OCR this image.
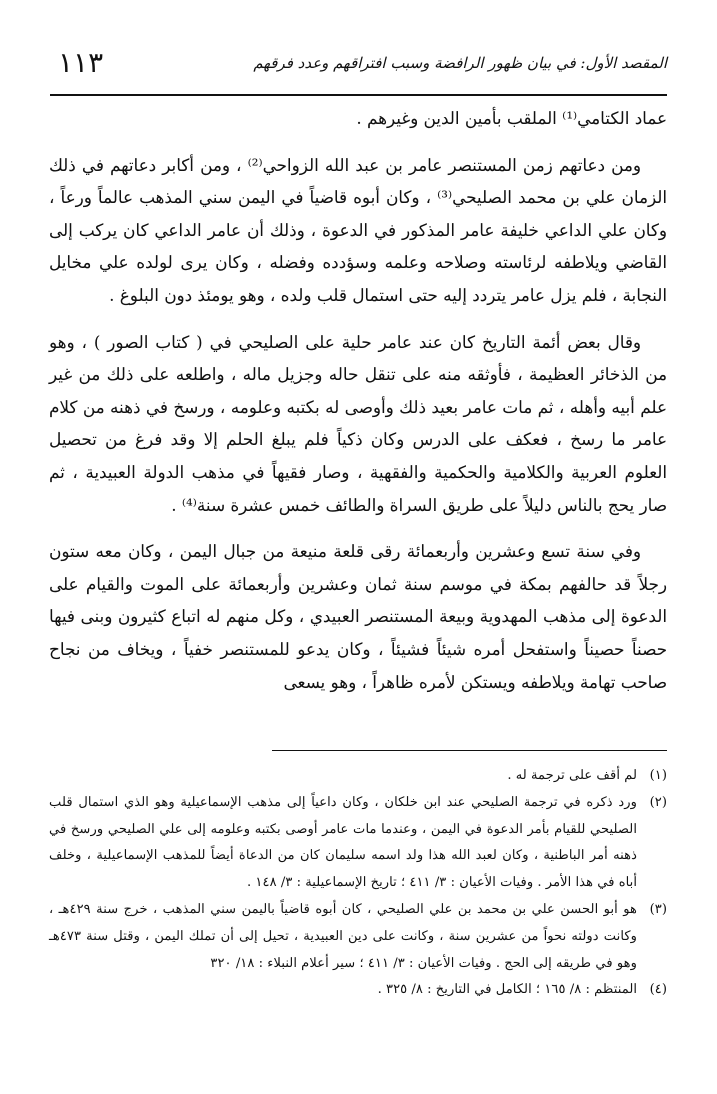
المقصد الأول: في بيان ظهور الرافضة وسبب افتراقهم وعدد فرقهم
١١٣

عماد الكتامي⁽¹⁾ الملقب بأمين الدين وغيرهم .

ومن دعاتهم زمن المستنصر عامر بن عبد الله الزواحي⁽²⁾ ، ومن أكابر دعاتهم في ذلك الزمان علي بن محمد الصليحي⁽³⁾ ، وكان أبوه قاضياً في اليمن سني المذهب عالماً ورعاً ، وكان علي الداعي خليفة عامر المذكور في الدعوة ، وذلك أن عامر الداعي كان يركب إلى القاضي ويلاطفه لرئاسته وصلاحه وعلمه وسؤدده وفضله ، وكان يرى لولده علي مخايل النجابة ، فلم يزل عامر يتردد إليه حتى استمال قلب ولده ، وهو يومئذ دون البلوغ .

وقال بعض أئمة التاريخ كان عند عامر حلية على الصليحي في ( كتاب الصور ) ، وهو من الذخائر العظيمة ، فأوثقه منه على تنقل حاله وجزيل ماله ، واطلعه على ذلك من غير علم أبيه وأهله ، ثم مات عامر بعيد ذلك وأوصى له بكتبه وعلومه ، ورسخ في ذهنه من كلام عامر ما رسخ ، فعكف على الدرس وكان ذكياً فلم يبلغ الحلم إلا وقد فرغ من تحصيل العلوم العربية والكلامية والحكمية والفقهية ، وصار فقيهاً في مذهب الدولة العبيدية ، ثم صار يحج بالناس دليلاً على طريق السراة والطائف خمس عشرة سنة⁽⁴⁾ .

وفي سنة تسع وعشرين وأربعمائة رقى قلعة منيعة من جبال اليمن ، وكان معه ستون رجلاً قد حالفهم بمكة في موسم سنة ثمان وعشرين وأربعمائة على الموت والقيام على الدعوة إلى مذهب المهدوية وبيعة المستنصر العبيدي ، وكل منهم له اتباع كثيرون وبنى فيها حصناً حصيناً واستفحل أمره شيئاً فشيئاً ، وكان يدعو للمستنصر خفياً ، ويخاف من نجاح صاحب تهامة ويلاطفه ويستكن لأمره ظاهراً ، وهو يسعى

(١)
لم أقف على ترجمة له .
(٢)
ورد ذكره في ترجمة الصليحي عند ابن خلكان ، وكان داعياً إلى مذهب الإسماعيلية وهو الذي استمال قلب الصليحي للقيام بأمر الدعوة في اليمن ، وعندما مات عامر أوصى بكتبه وعلومه إلى علي الصليحي ورسخ في ذهنه أمر الباطنية ، وكان لعبد الله هذا ولد اسمه سليمان كان من الدعاة أيضاً للمذهب الإسماعيلية ، وخلف أباه في هذا الأمر . وفيات الأعيان : ٣/ ٤١١ ؛ تاريخ الإسماعيلية : ٣/ ١٤٨ .
(٣)
هو أبو الحسن علي بن محمد بن علي الصليحي ، كان أبوه قاضياً باليمن سني المذهب ، خرج سنة ٤٢٩هـ ، وكانت دولته نحواً من عشرين سنة ، وكانت على دين العبيدية ، تحيل إلى أن تملك اليمن ، وقتل سنة ٤٧٣هـ وهو في طريقه إلى الحج . وفيات الأعيان : ٣/ ٤١١ ؛ سير أعلام النبلاء : ١٨/ ٣٢٠
(٤)
المنتظم : ٨/ ١٦٥ ؛ الكامل في التاريخ : ٨/ ٣٢٥ .
